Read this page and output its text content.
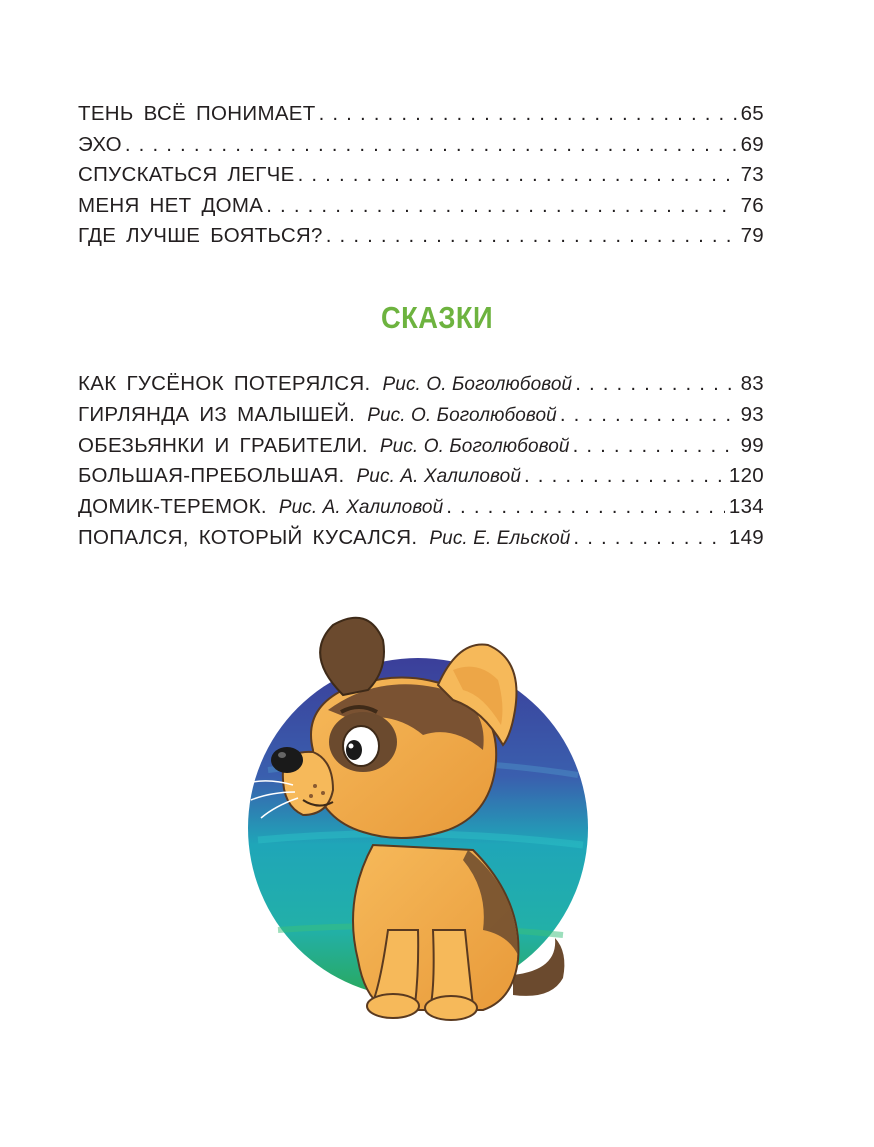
ТЕНЬ ВСЁ ПОНИМАЕТ . . .	65
ЭХО . . .	69
СПУСКАТЬСЯ ЛЕГЧЕ . . .	73
МЕНЯ НЕТ ДОМА . . .	76
ГДЕ ЛУЧШЕ БОЯТЬСЯ? . . .	79
СКАЗКИ
КАК ГУСЁНОК ПОТЕРЯЛСЯ. Рис. О. Боголюбовой . . .	83
ГИРЛЯНДА ИЗ МАЛЫШЕЙ. Рис. О. Боголюбовой . . .	93
ОБЕЗЬЯНКИ И ГРАБИТЕЛИ. Рис. О. Боголюбовой . . .	99
БОЛЬШАЯ-ПРЕБОЛЬШАЯ. Рис. А. Халиловой . . .	120
ДОМИК-ТЕРЕМОК. Рис. А. Халиловой . . .	134
ПОПАЛСЯ, КОТОРЫЙ КУСАЛСЯ. Рис. Е. Ельской . . .	149
